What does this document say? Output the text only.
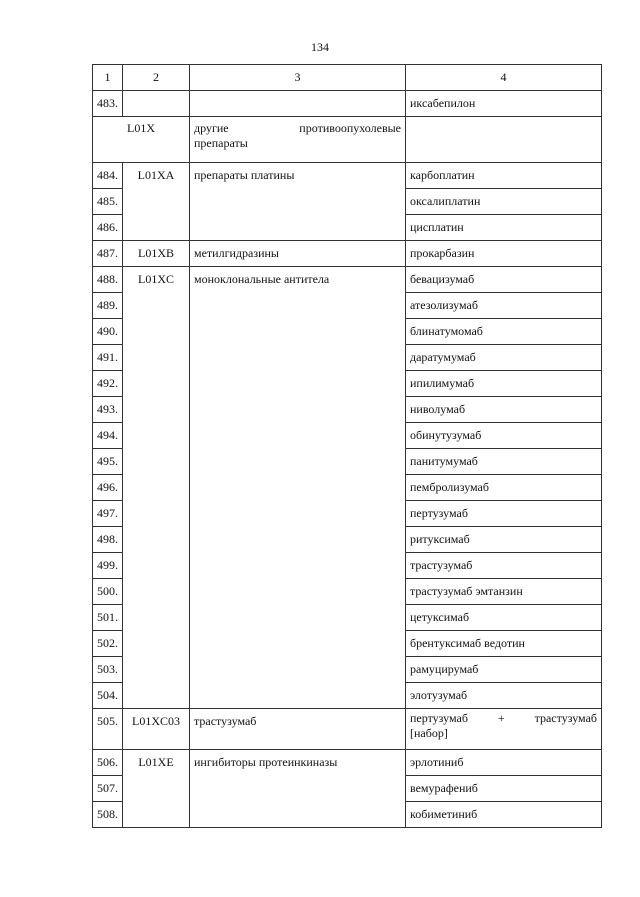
134
1	2	3	4
483.			иксабепилон
L01X		другие противоопухолевые
препараты	
484.	L01XA	препараты платины	карбоплатин
485.			оксалиплатин
486.			цисплатин
487.	L01XB	метилгидразины	прокарбазин
488.	L01XC	моноклональные антитела	бевацизумаб
489.			атезолизумаб
490.			блинатумомаб
491.			даратумумаб
492.			ипилимумаб
493.			ниволумаб
494.			обинутузумаб
495.			панитумумаб
496.			пембролизумаб
497.			пертузумаб
498.			ритуксимаб
499.			трастузумаб
500.			трастузумаб эмтанзин
501.			цетуксимаб
502.			брентуксимаб ведотин
503.			рамуцирумаб
504.			элотузумаб
505.	L01XC03	трастузумаб	пертузумаб + трастузумаб
[набор]
506.	L01XE	ингибиторы протеинкиназы	эрлотиниб
507.			вемурафениб
508.			кобиметиниб
